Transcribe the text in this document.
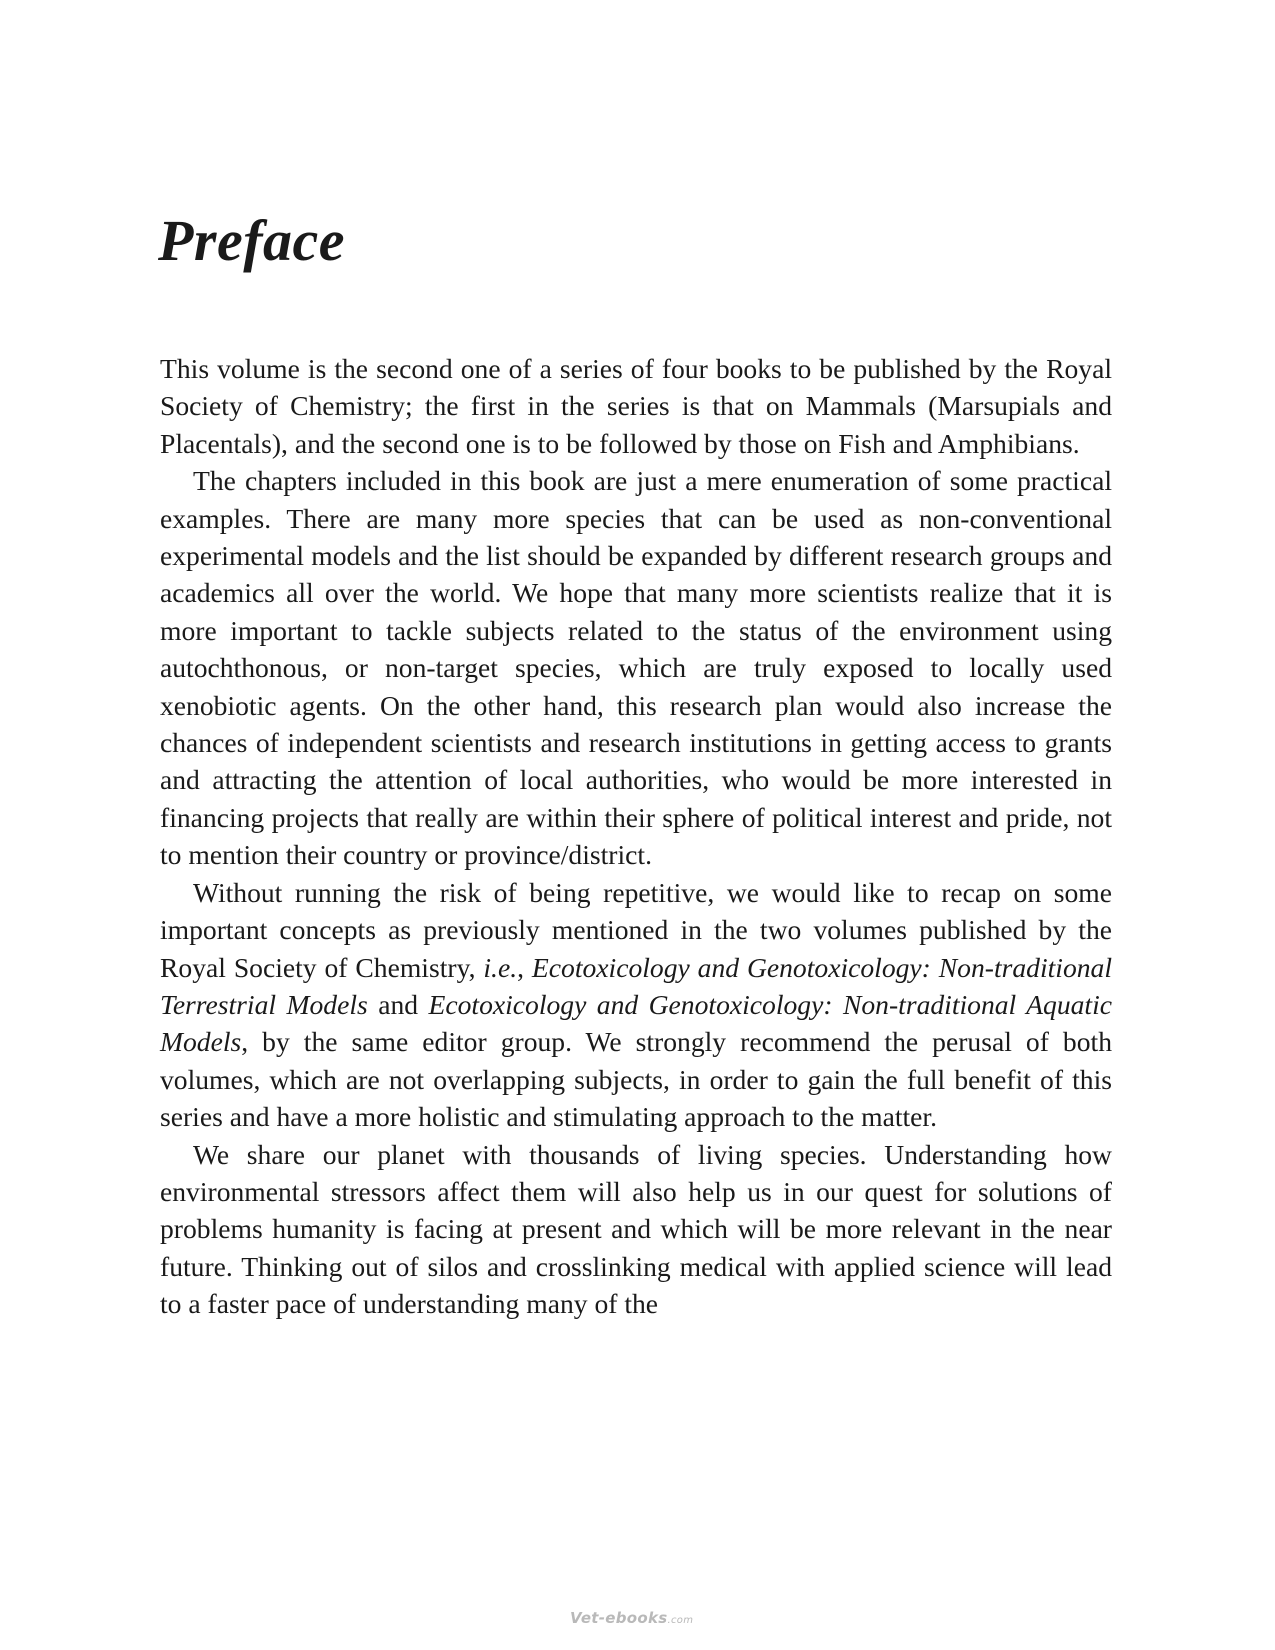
Preface

This volume is the second one of a series of four books to be published by the Royal Society of Chemistry; the first in the series is that on Mammals (Marsupials and Placentals), and the second one is to be followed by those on Fish and Amphibians.

The chapters included in this book are just a mere enumeration of some practical examples. There are many more species that can be used as non-conventional experimental models and the list should be expanded by different research groups and academics all over the world. We hope that many more scientists realize that it is more important to tackle subjects related to the status of the environment using autochthonous, or non-target species, which are truly exposed to locally used xenobiotic agents. On the other hand, this research plan would also increase the chances of independent scientists and research institutions in getting access to grants and attracting the attention of local authorities, who would be more interested in financing projects that really are within their sphere of political interest and pride, not to mention their country or province/district.

Without running the risk of being repetitive, we would like to recap on some important concepts as previously mentioned in the two volumes published by the Royal Society of Chemistry, i.e., Ecotoxicology and Genotoxicology: Non-traditional Terrestrial Models and Ecotoxicology and Genotoxicology: Non-traditional Aquatic Models, by the same editor group. We strongly recommend the perusal of both volumes, which are not overlapping subjects, in order to gain the full benefit of this series and have a more holistic and stimulating approach to the matter.

We share our planet with thousands of living species. Understanding how environmental stressors affect them will also help us in our quest for solutions of problems humanity is facing at present and which will be more relevant in the near future. Thinking out of silos and crosslinking medical with applied science will lead to a faster pace of understanding many of the

Vet-ebooks.com
